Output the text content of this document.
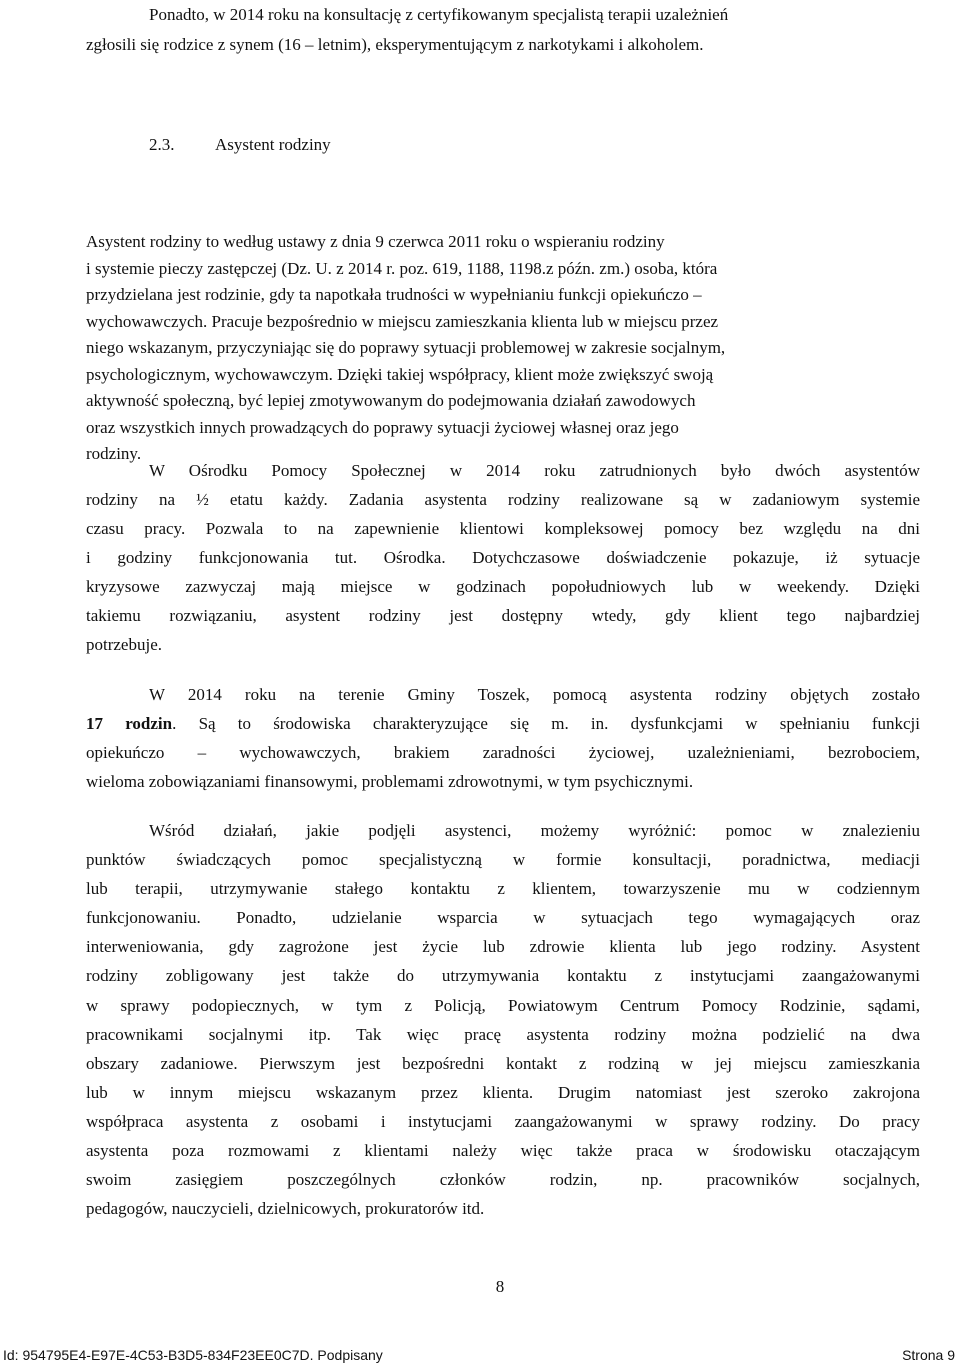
Ponadto, w 2014 roku na konsultację z certyfikowanym specjalistą terapii uzależnień
zgłosili się rodzice z synem (16 – letnim), eksperymentującym z narkotykami i alkoholem.
2.3. Asystent rodziny
Asystent rodziny to według ustawy z dnia 9 czerwca 2011 roku o wspieraniu rodziny
i systemie pieczy zastępczej (Dz. U. z 2014 r. poz. 619, 1188, 1198.z późn. zm.) osoba, która
przydzielana jest rodzinie, gdy ta napotkała trudności w wypełnianiu funkcji opiekuńczo –
wychowawczych. Pracuje bezpośrednio w miejscu zamieszkania klienta lub w miejscu przez
niego wskazanym, przyczyniając się do poprawy sytuacji problemowej w zakresie socjalnym,
psychologicznym, wychowawczym. Dzięki takiej współpracy, klient może zwiększyć swoją
aktywność społeczną, być lepiej zmotywowanym do podejmowania działań zawodowych
oraz wszystkich innych prowadzących do poprawy sytuacji życiowej własnej oraz jego
rodziny.
W Ośrodku Pomocy Społecznej w 2014 roku zatrudnionych było dwóch asystentów
rodziny na ½ etatu każdy. Zadania asystenta rodziny realizowane są w zadaniowym systemie
czasu pracy. Pozwala to na zapewnienie klientowi kompleksowej pomocy bez względu na dni
i godziny funkcjonowania tut. Ośrodka. Dotychczasowe doświadczenie pokazuje, iż sytuacje
kryzysowe zazwyczaj mają miejsce w godzinach popołudniowych lub w weekendy. Dzięki
takiemu rozwiązaniu, asystent rodziny jest dostępny wtedy, gdy klient tego najbardziej
potrzebuje.
W 2014 roku na terenie Gminy Toszek, pomocą asystenta rodziny objętych zostało
17 rodzin. Są to środowiska charakteryzujące się m. in. dysfunkcjami w spełnianiu funkcji
opiekuńczo – wychowawczych, brakiem zaradności życiowej, uzależnieniami, bezrobociem,
wieloma zobowiązaniami finansowymi, problemami zdrowotnymi, w tym psychicznymi.
Wśród działań, jakie podjęli asystenci, możemy wyróżnić: pomoc w znalezieniu
punktów świadczących pomoc specjalistyczną w formie konsultacji, poradnictwa, mediacji
lub terapii, utrzymywanie stałego kontaktu z klientem, towarzyszenie mu w codziennym
funkcjonowaniu. Ponadto, udzielanie wsparcia w sytuacjach tego wymagających oraz
interweniowania, gdy zagrożone jest życie lub zdrowie klienta lub jego rodziny. Asystent
rodziny zobligowany jest także do utrzymywania kontaktu z instytucjami zaangażowanymi
w sprawy podopiecznych, w tym z Policją, Powiatowym Centrum Pomocy Rodzinie, sądami,
pracownikami socjalnymi itp. Tak więc pracę asystenta rodziny można podzielić na dwa
obszary zadaniowe. Pierwszym jest bezpośredni kontakt z rodziną w jej miejscu zamieszkania
lub w innym miejscu wskazanym przez klienta. Drugim natomiast jest szeroko zakrojona
współpraca asystenta z osobami i instytucjami zaangażowanymi w sprawy rodziny. Do pracy
asystenta poza rozmowami z klientami należy więc także praca w środowisku otaczającym
swoim zasięgiem poszczególnych członków rodzin, np. pracowników socjalnych,
pedagogów, nauczycieli, dzielnicowych, prokuratorów itd.
8
Id: 954795E4-E97E-4C53-B3D5-834F23EE0C7D. Podpisany	Strona 9
